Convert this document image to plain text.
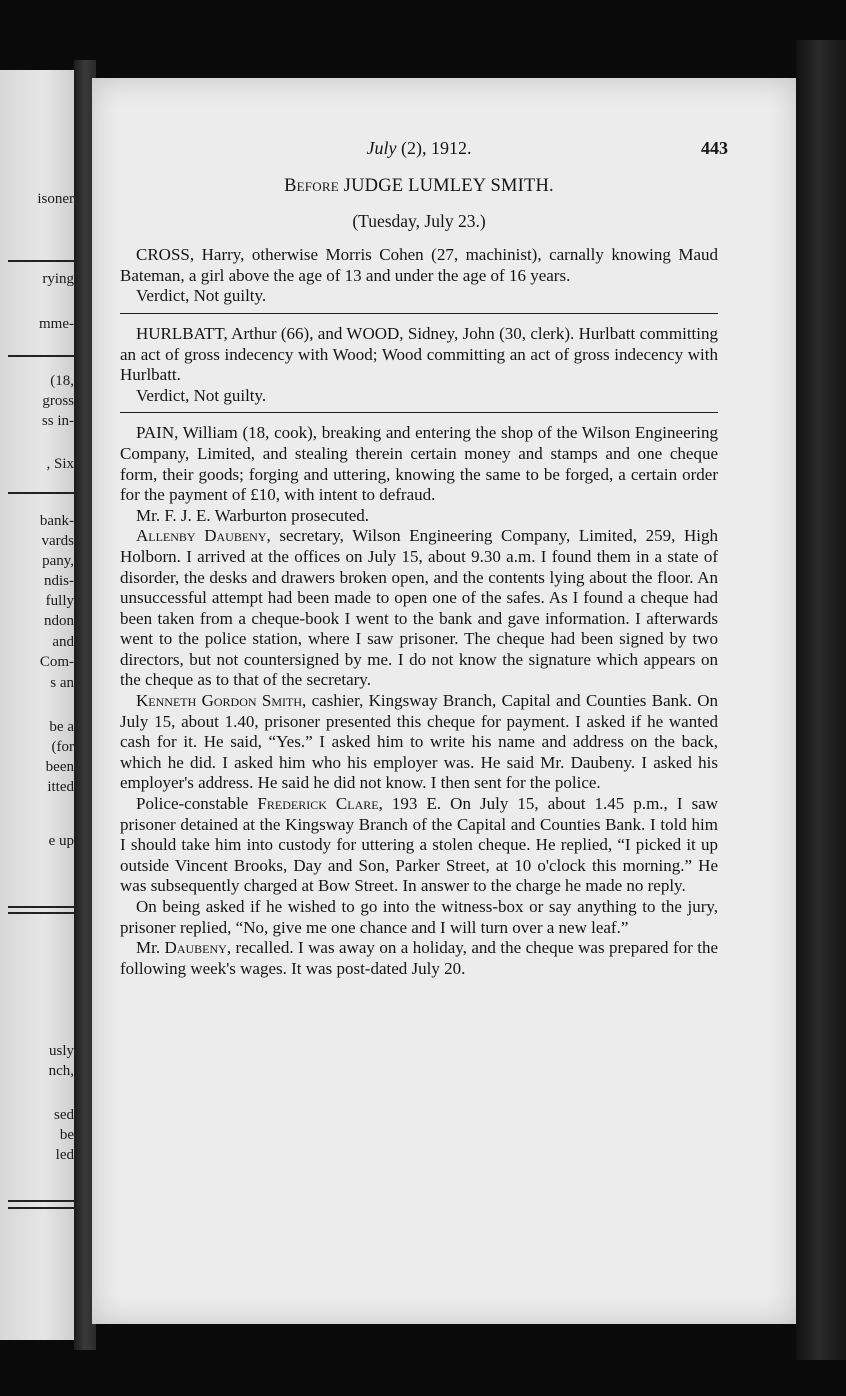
isoner
rying
mme-
(18,
gross
ss in-
, Six
bank-
vards
pany,
ndis-
fully
ndon
and
Com-
s an
be a
(for
been
itted
e up
usly
nch,
sed
be
led
July (2), 1912.	443
Before JUDGE LUMLEY SMITH.
(Tuesday, July 23.)

CROSS, Harry, otherwise Morris Cohen (27, machinist), carnally knowing Maud Bateman, a girl above the age of 13 and under the age of 16 years.

Verdict, Not guilty.

HURLBATT, Arthur (66), and WOOD, Sidney, John (30, clerk). Hurlbatt committing an act of gross indecency with Wood; Wood committing an act of gross indecency with Hurlbatt.

Verdict, Not guilty.

PAIN, William (18, cook), breaking and entering the shop of the Wilson Engineering Company, Limited, and stealing therein certain money and stamps and one cheque form, their goods; forging and uttering, knowing the same to be forged, a certain order for the payment of £10, with intent to defraud.

Mr. F. J. E. Warburton prosecuted.

Allenby Daubeny, secretary, Wilson Engineering Company, Limited, 259, High Holborn. I arrived at the offices on July 15, about 9.30 a.m. I found them in a state of disorder, the desks and drawers broken open, and the contents lying about the floor. An unsuccessful attempt had been made to open one of the safes. As I found a cheque had been taken from a cheque-book I went to the bank and gave information. I afterwards went to the police station, where I saw prisoner. The cheque had been signed by two directors, but not countersigned by me. I do not know the signature which appears on the cheque as to that of the secretary.

Kenneth Gordon Smith, cashier, Kingsway Branch, Capital and Counties Bank. On July 15, about 1.40, prisoner presented this cheque for payment. I asked if he wanted cash for it. He said, “Yes.” I asked him to write his name and address on the back, which he did. I asked him who his employer was. He said Mr. Daubeny. I asked his employer's address. He said he did not know. I then sent for the police.

Police-constable Frederick Clare, 193 E. On July 15, about 1.45 p.m., I saw prisoner detained at the Kingsway Branch of the Capital and Counties Bank. I told him I should take him into custody for uttering a stolen cheque. He replied, “I picked it up outside Vincent Brooks, Day and Son, Parker Street, at 10 o'clock this morning.” He was subsequently charged at Bow Street. In answer to the charge he made no reply.

On being asked if he wished to go into the witness-box or say anything to the jury, prisoner replied, “No, give me one chance and I will turn over a new leaf.”

Mr. Daubeny, recalled. I was away on a holiday, and the cheque was prepared for the following week's wages. It was post-dated July 20.
